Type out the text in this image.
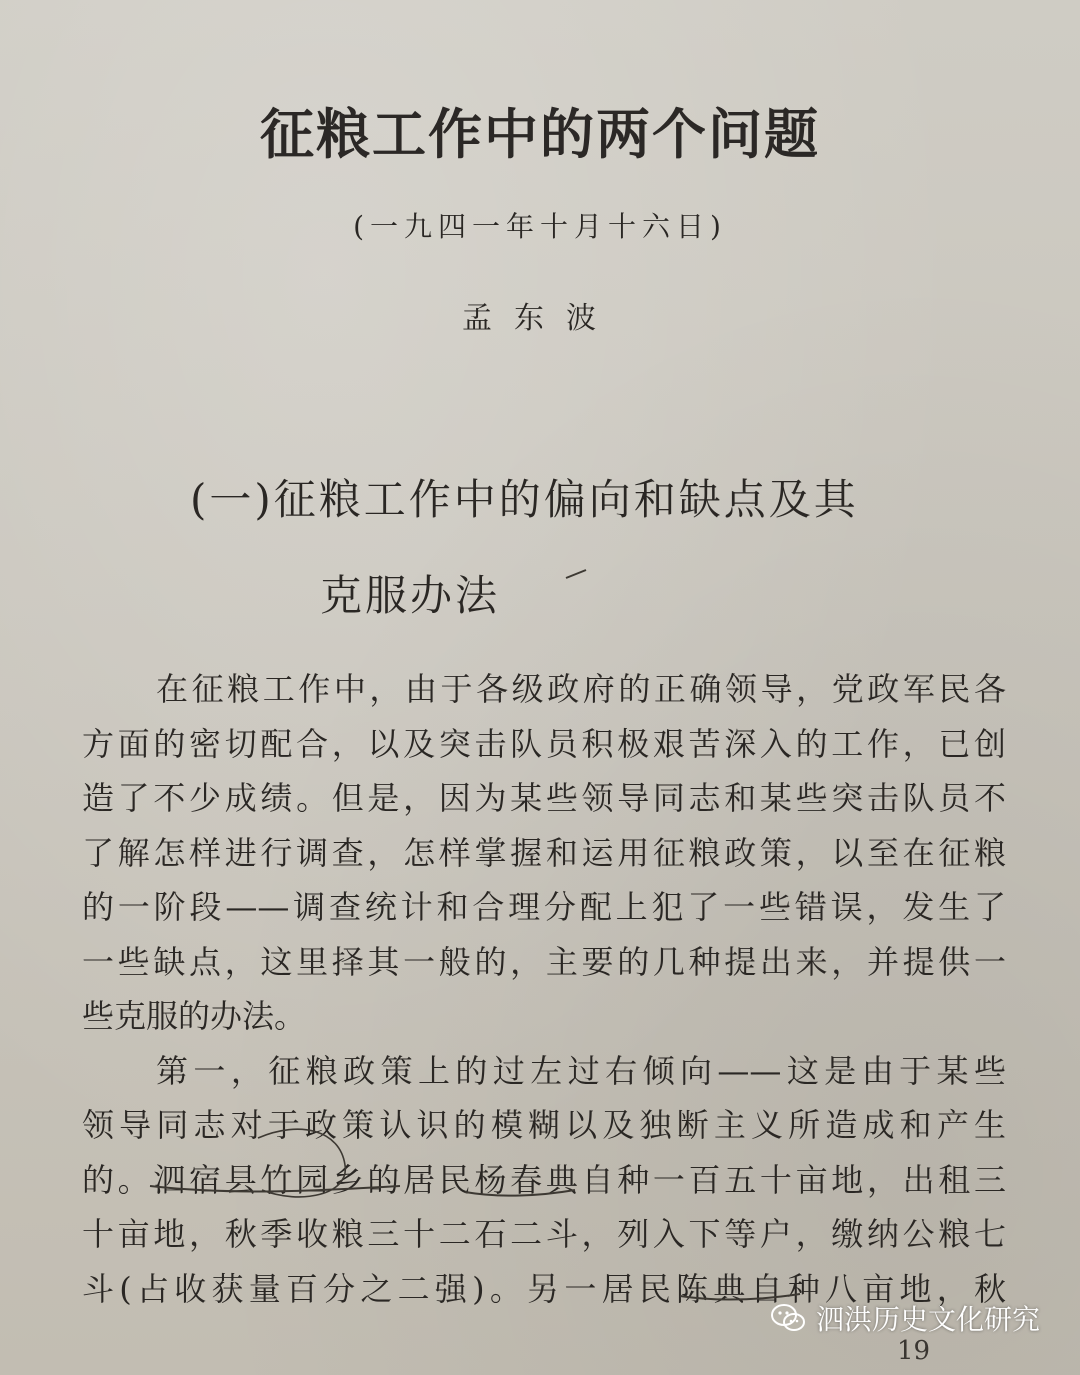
征粮工作中的两个问题
(一九四一年十月十六日)
孟东波
(一)征粮工作中的偏向和缺点及其
克服办法
在征粮工作中，由于各级政府的正确领导，党政军民各
方面的密切配合，以及突击队员积极艰苦深入的工作，已创
造了不少成绩。但是，因为某些领导同志和某些突击队员不
了解怎样进行调查，怎样掌握和运用征粮政策，以至在征粮
的一阶段——调查统计和合理分配上犯了一些错误，发生了
一些缺点，这里择其一般的，主要的几种提出来，并提供一
些克服的办法。
第一，征粮政策上的过左过右倾向——这是由于某些
领导同志对于政策认识的模糊以及独断主义所造成和产生
的。泗宿县竹园乡的居民杨春典自种一百五十亩地，出租三
十亩地，秋季收粮三十二石二斗，列入下等户，缴纳公粮七
斗(占收获量百分之二强)。另一居民陈典自种八亩地，秋
泗洪历史文化研究
19
